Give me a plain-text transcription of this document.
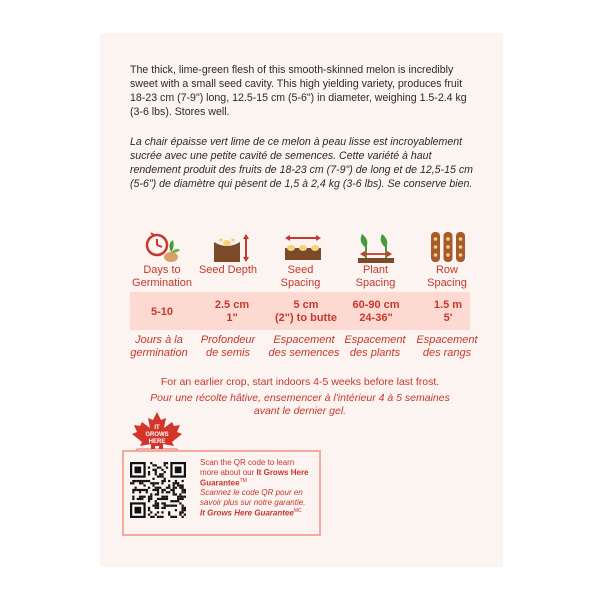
The thick, lime-green flesh of this smooth-skinned melon is incredibly sweet with a small seed cavity. This high yielding variety, produces fruit 18-23 cm (7-9") long, 12.5-15 cm (5-6") in diameter, weighing 1.5-2.4 kg (3-6 lbs). Stores well.

La chair épaisse vert lime de ce melon à peau lisse est incroyablement sucrée avec une petite cavité de semences. Cette variété à haut rendement produit des fruits de 18-23 cm (7-9") de long et de 12,5-15 cm (5-6") de diamètre qui pèsent de 1,5 à 2,4 kg (3-6 lbs). Se conserve bien.

Days to Germination
Seed Depth	Seed Spacing
Plant Spacing
Row Spacing
5-10
2.5 cm
1"
5 cm
(2") to butte
60-90 cm
24-36"
1.5 m
5'
Jours à la germination
Profondeur de semis
Espacement des semences
Espacement des plants
Espacement des rangs
For an earlier crop, start indoors 4-5 weeks before last frost.
Pour une récolte hâtive, ensemencer à l'intérieur 4 à 5 semaines avant le dernier gel.
IT
GROWS
HERE
Scan the QR code to learn more about our It Grows Here Guarantee™
Scannez le code QR pour en savoir plus sur notre garantie. It Grows Here Guarantee$^{MC}$
